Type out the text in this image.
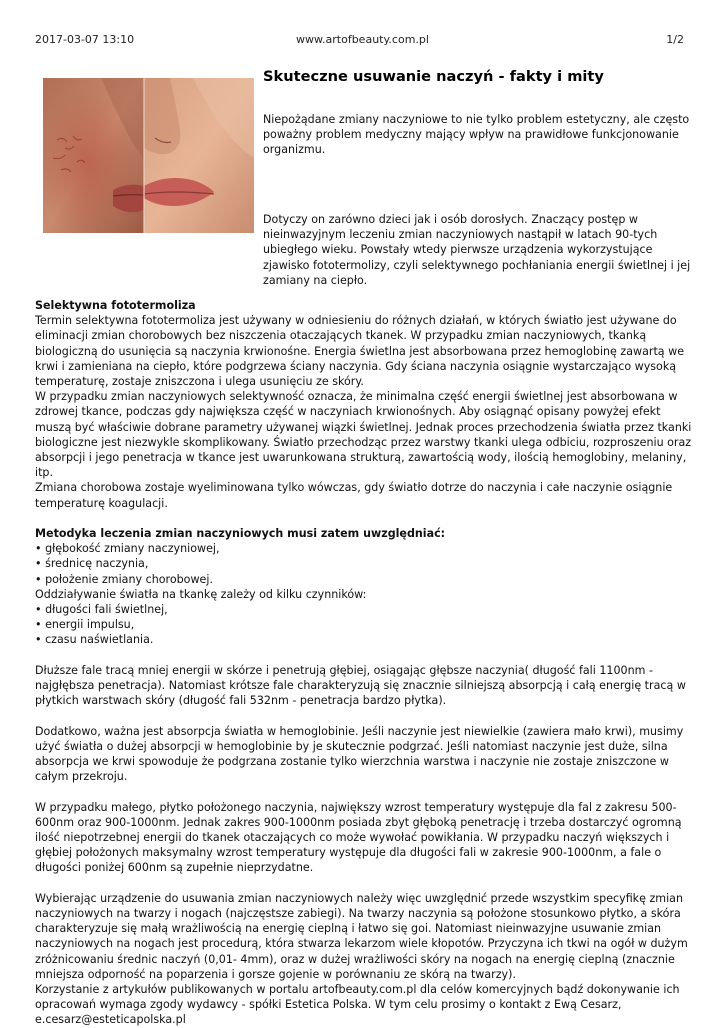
2017-03-07 13:10	www.artofbeauty.com.pl	1/2
Skuteczne usuwanie naczyń - fakty i mity

Niepożądane zmiany naczyniowe to nie tylko problem estetyczny, ale często poważny problem medyczny mający wpływ na prawidłowe funkcjonowanie organizmu.

Dotyczy on zarówno dzieci jak i osób dorosłych. Znaczący postęp w nieinwazyjnym leczeniu zmian naczyniowych nastąpił w latach 90-tych ubiegłego wieku. Powstały wtedy pierwsze urządzenia wykorzystujące zjawisko fototermolizy, czyli selektywnego pochłaniania energii świetlnej i jej zamiany na ciepło.

Selektywna fototermoliza

Termin selektywna fototermoliza jest używany w odniesieniu do różnych działań, w których światło jest używane do eliminacji zmian chorobowych bez niszczenia otaczających tkanek. W przypadku zmian naczyniowych, tkanką biologiczną do usunięcia są naczynia krwionośne. Energia świetlna jest absorbowana przez hemoglobinę zawartą we krwi i zamieniana na ciepło, które podgrzewa ściany naczynia. Gdy ściana naczynia osiągnie wystarczająco wysoką temperaturę, zostaje zniszczona i ulega usunięciu ze skóry.

W przypadku zmian naczyniowych selektywność oznacza, że minimalna część energii świetlnej jest absorbowana w zdrowej tkance, podczas gdy największa część w naczyniach krwionośnych. Aby osiągnąć opisany powyżej efekt muszą być właściwie dobrane parametry używanej wiązki świetlnej. Jednak proces przechodzenia światła przez tkanki biologiczne jest niezwykle skomplikowany. Światło przechodząc przez warstwy tkanki ulega odbiciu, rozproszeniu oraz absorpcji i jego penetracja w tkance jest uwarunkowana strukturą, zawartością wody, ilością hemoglobiny, melaniny, itp.

Zmiana chorobowa zostaje wyeliminowana tylko wówczas, gdy światło dotrze do naczynia i całe naczynie osiągnie temperaturę koagulacji.

Metodyka leczenia zmian naczyniowych musi zatem uwzględniać:
• głębokość zmiany naczyniowej,
• średnicę naczynia,
• położenie zmiany chorobowej.

Oddziaływanie światła na tkankę zależy od kilku czynników:

• długości fali świetlnej,
• energii impulsu,
• czasu naświetlania.

Dłuższe fale tracą mniej energii w skórze i penetrują głębiej, osiągając głębsze naczynia( długość fali 1100nm - najgłębsza penetracja). Natomiast krótsze fale charakteryzują się znacznie silniejszą absorpcją i całą energię tracą w płytkich warstwach skóry (długość fali 532nm - penetracja bardzo płytka).

Dodatkowo, ważna jest absorpcja światła w hemoglobinie. Jeśli naczynie jest niewielkie (zawiera mało krwi), musimy użyć światła o dużej absorpcji w hemoglobinie by je skutecznie podgrzać. Jeśli natomiast naczynie jest duże, silna absorpcja we krwi spowoduje że podgrzana zostanie tylko wierzchnia warstwa i naczynie nie zostaje zniszczone w całym przekroju.

W przypadku małego, płytko położonego naczynia, największy wzrost temperatury występuje dla fal z zakresu 500-600nm oraz 900-1000nm. Jednak zakres 900-1000nm posiada zbyt głęboką penetrację i trzeba dostarczyć ogromną ilość niepotrzebnej energii do tkanek otaczających co może wywołać powikłania. W przypadku naczyń większych i głębiej położonych maksymalny wzrost temperatury występuje dla długości fali w zakresie 900-1000nm, a fale o długości poniżej 600nm są zupełnie nieprzydatne.

Wybierając urządzenie do usuwania zmian naczyniowych należy więc uwzględnić przede wszystkim specyfikę zmian naczyniowych na twarzy i nogach (najczęstsze zabiegi). Na twarzy naczynia są położone stosunkowo płytko, a skóra charakteryzuje się małą wrażliwością na energię cieplną i łatwo się goi. Natomiast nieinwazyjne usuwanie zmian naczyniowych na nogach jest procedurą, która stwarza lekarzom wiele kłopotów. Przyczyna ich tkwi na ogół w dużym zróżnicowaniu średnic naczyń (0,01- 4mm), oraz w dużej wrażliwości skóry na nogach na energię cieplną (znacznie mniejsza odporność na poparzenia i gorsze gojenie w porównaniu ze skórą na twarzy).

Korzystanie z artykułów publikowanych w portalu artofbeauty.com.pl dla celów komercyjnych bądź dokonywanie ich opracowań wymaga zgody wydawcy - spółki Estetica Polska. W tym celu prosimy o kontakt z Ewą Cesarz, e.cesarz@esteticapolska.pl
